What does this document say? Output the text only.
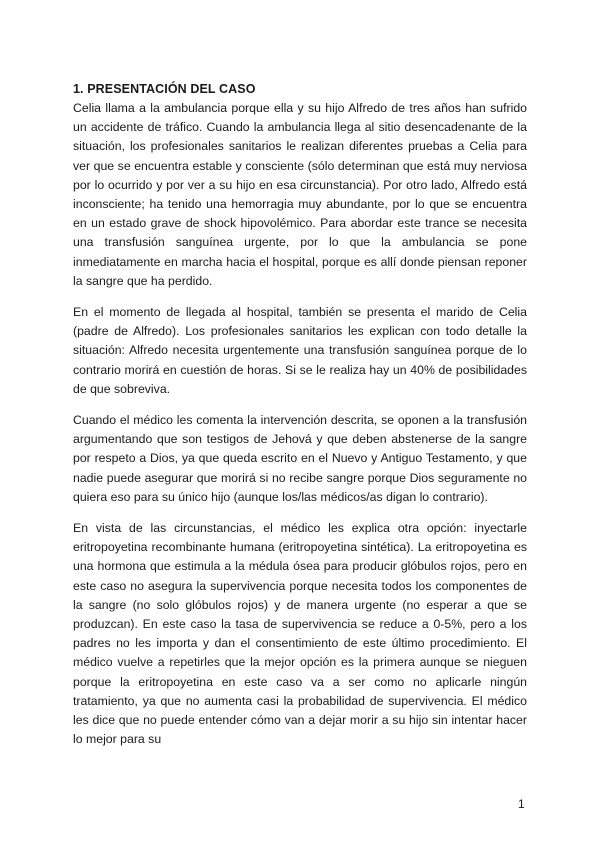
1. PRESENTACIÓN DEL CASO

Celia llama a la ambulancia porque ella y su hijo Alfredo de tres años han sufrido un accidente de tráfico. Cuando la ambulancia llega al sitio desencadenante de la situación, los profesionales sanitarios le realizan diferentes pruebas a Celia para ver que se encuentra estable y consciente (sólo determinan que está muy nerviosa por lo ocurrido y por ver a su hijo en esa circunstancia). Por otro lado, Alfredo está inconsciente; ha tenido una hemorragia muy abundante, por lo que se encuentra en un estado grave de shock hipovolémico. Para abordar este trance se necesita una transfusión sanguínea urgente, por lo que la ambulancia se pone inmediatamente en marcha hacia el hospital, porque es allí donde piensan reponer la sangre que ha perdido.

En el momento de llegada al hospital, también se presenta el marido de Celia (padre de Alfredo). Los profesionales sanitarios les explican con todo detalle la situación: Alfredo necesita urgentemente una transfusión sanguínea porque de lo contrario morirá en cuestión de horas. Si se le realiza hay un 40% de posibilidades de que sobreviva.

Cuando el médico les comenta la intervención descrita, se oponen a la transfusión argumentando que son testigos de Jehová y que deben abstenerse de la sangre por respeto a Dios, ya que queda escrito en el Nuevo y Antiguo Testamento, y que nadie puede asegurar que morirá si no recibe sangre porque Dios seguramente no quiera eso para su único hijo (aunque los/las médicos/as digan lo contrario).

En vista de las circunstancias, el médico les explica otra opción: inyectarle eritropoyetina recombinante humana (eritropoyetina sintética). La eritropoyetina es una hormona que estimula a la médula ósea para producir glóbulos rojos, pero en este caso no asegura la supervivencia porque necesita todos los componentes de la sangre (no solo glóbulos rojos) y de manera urgente (no esperar a que se produzcan). En este caso la tasa de supervivencia se reduce a 0-5%, pero a los padres no les importa y dan el consentimiento de este último procedimiento. El médico vuelve a repetirles que la mejor opción es la primera aunque se nieguen porque la eritropoyetina en este caso va a ser como no aplicarle ningún tratamiento, ya que no aumenta casi la probabilidad de supervivencia. El médico les dice que no puede entender cómo van a dejar morir a su hijo sin intentar hacer lo mejor para su

1
